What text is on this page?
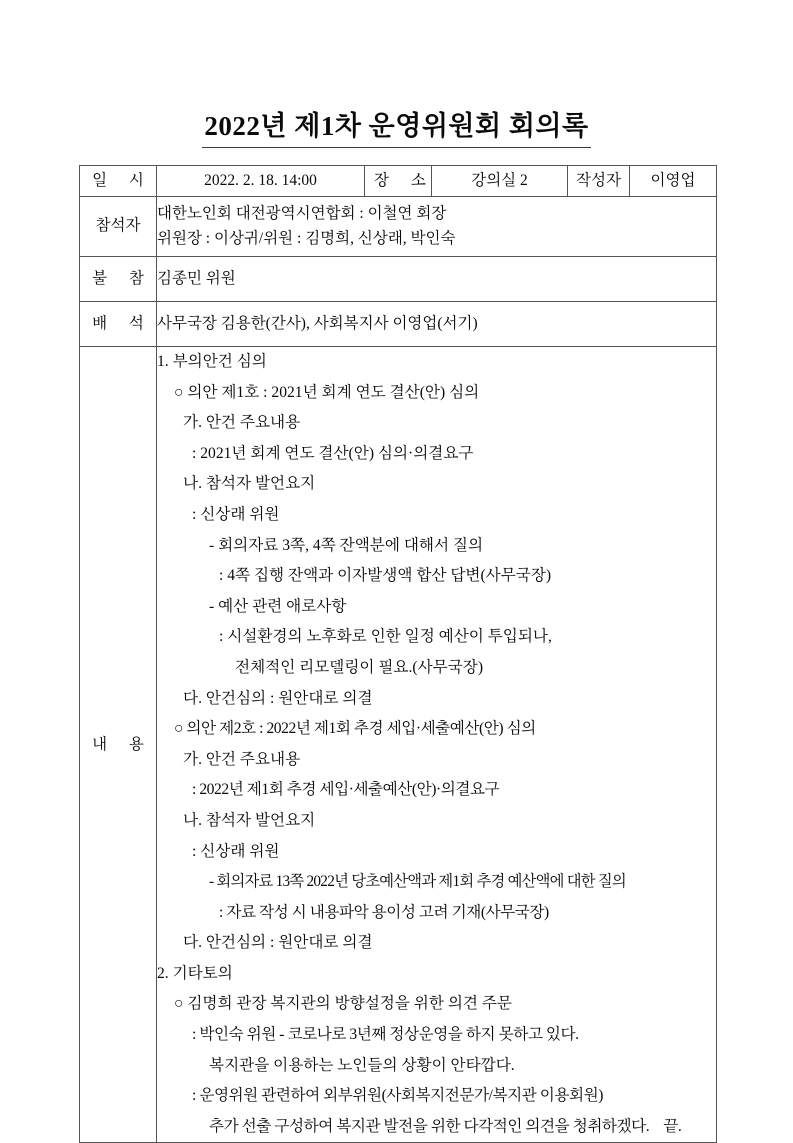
2022년 제1차 운영위원회 회의록
일 시	2022. 2. 18. 14:00	장 소	강의실 2	작성자	이영업
참석자	대한노인회 대전광역시연합회 : 이철연 회장
위원장 : 이상귀/위원 : 김명희, 신상래, 박인숙				

불 참	김종민 위원				
배 석	사무국장 김용한(간사), 사회복지사 이영업(서기)				
내 용	
1. 부의안건 심의
○ 의안 제1호 : 2021년 회계 연도 결산(안) 심의
가. 안건 주요내용
: 2021년 회계 연도 결산(안) 심의·의결요구
나. 참석자 발언요지
: 신상래 위원
- 회의자료 3쪽, 4쪽 잔액분에 대해서 질의
: 4쪽 집행 잔액과 이자발생액 합산 답변(사무국장)
- 예산 관련 애로사항
: 시설환경의 노후화로 인한 일정 예산이 투입되나,
전체적인 리모델링이 필요.(사무국장)
다. 안건심의 : 원안대로 의결
○ 의안 제2호 : 2022년 제1회 추경 세입·세출예산(안) 심의
가. 안건 주요내용
: 2022년 제1회 추경 세입·세출예산(안)·의결요구
나. 참석자 발언요지
: 신상래 위원
- 회의자료 13쪽 2022년 당초예산액과 제1회 추경 예산액에 대한 질의
: 자료 작성 시 내용파악 용이성 고려 기재(사무국장)
다. 안건심의 : 원안대로 의결
2. 기타토의
○ 김명희 관장 복지관의 방향설정을 위한 의견 주문
: 박인숙 위원 - 코로나로 3년째 정상운영을 하지 못하고 있다.
복지관을 이용하는 노인들의 상황이 안타깝다.
: 운영위원 관련하여 외부위원(사회복지전문가/복지관 이용회원)
추가 선출 구성하여 복지관 발전을 위한 다각적인 의견을 청취하겠다. 끝.
